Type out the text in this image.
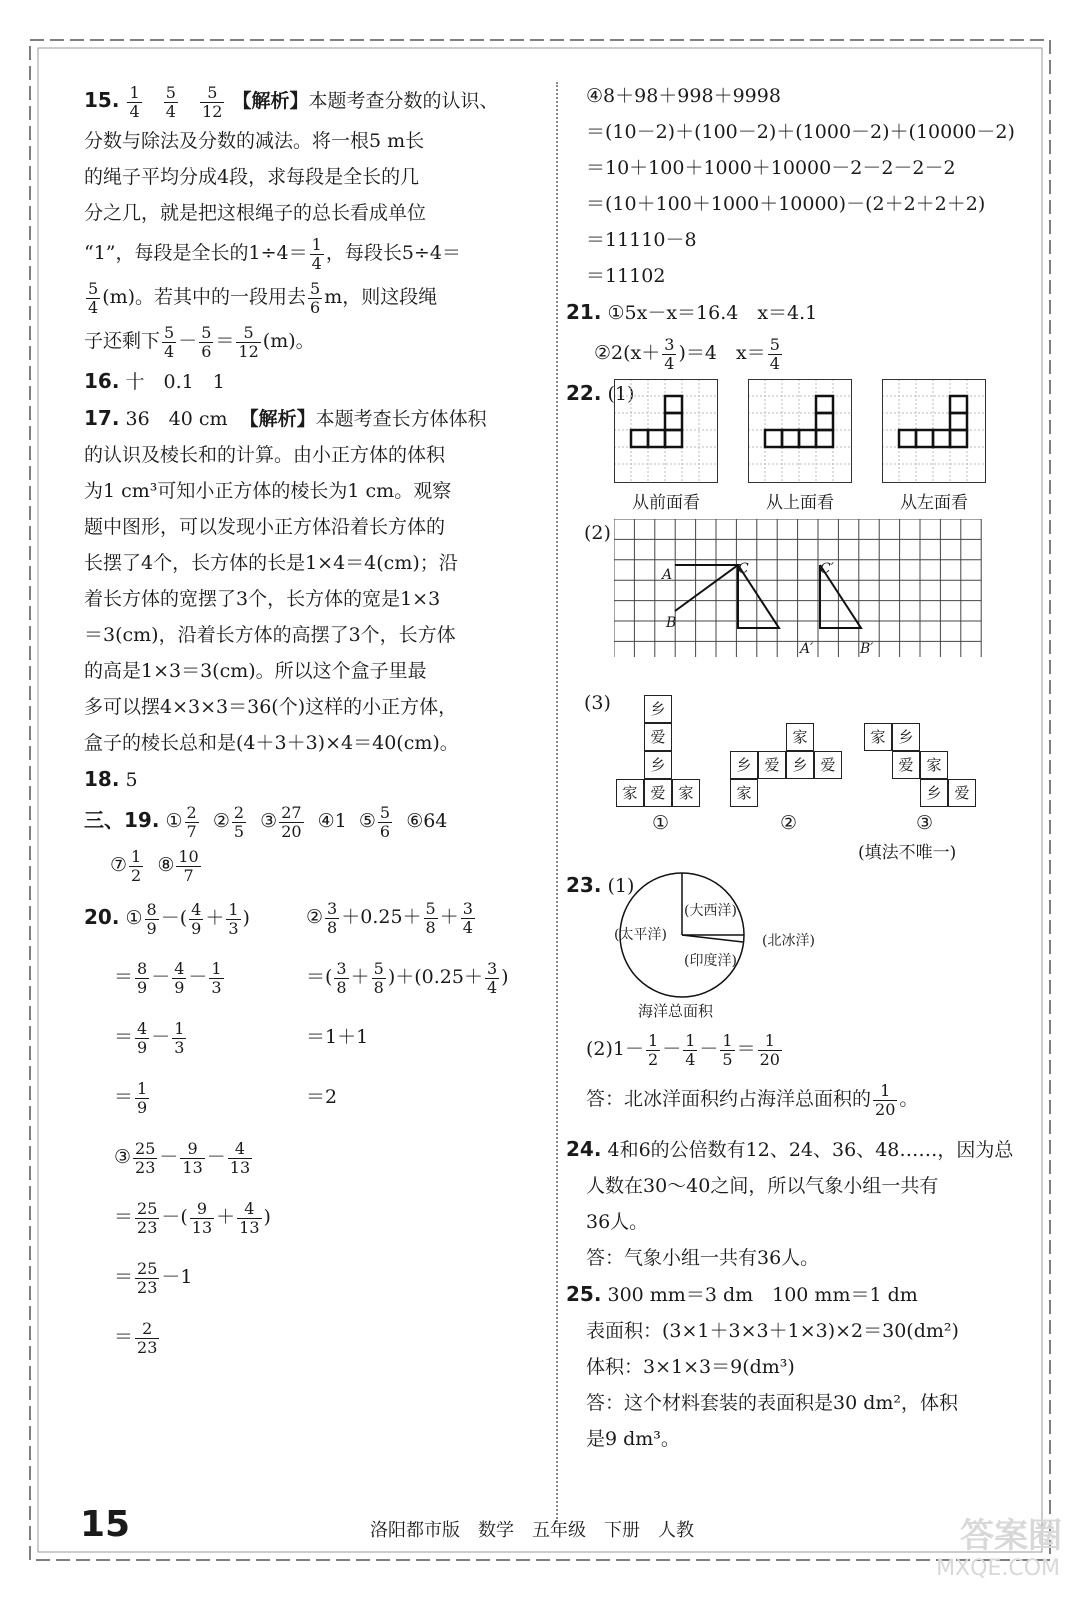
15. $\frac{1}{4}$
$\frac{5}{4}$
$\frac{5}{12}$ 【解析】本题考查分数的认识、
分数与除法及分数的减法。将一根5 m长
的绳子平均分成4段，求每段是全长的几
分之几，就是把这根绳子的总长看成单位
“1”，每段是全长的$1\div 4= \frac{1}{4}$ ，每段长5÷4＝
$\frac{5}{4} (m)$。若其中的一段用去 $\frac{5}{6}$ m，则这段绳
子还剩下 $\frac{5}{4} - \frac{5}{6} = \frac{5}{12} (m)$。
16. 十　0.1　1
17. 36　40 cm 【解析】本题考查长方体体积
的认识及棱长和的计算。由小正方体的体积
为1 cm³可知小正方体的棱长为1 cm。观察
题中图形，可以发现小正方体沿着长方体的
长摆了4个，长方体的长是1×4＝4(cm)；沿
着长方体的宽摆了3个，长方体的宽是1×3
＝3(cm)，沿着长方体的高摆了3个，长方体
的高是1×3＝3(cm)。所以这个盒子里最
多可以摆4×3×3＝36(个)这样的小正方体，
盒子的棱长总和是(4＋3＋3)×4＝40(cm)。
18. 5
三、19. ① $\frac{2}{7}$ ② $\frac{2}{5}$ ③ $\frac{27}{20}$ ④1 ⑤ $\frac{5}{6}$ ⑥64
⑦ $\frac{1}{2}$ ⑧ $\frac{10}{7}$
20. ① $\frac{8}{9}$ －( $\frac{4}{9} + \frac{1}{3}$ )	② $\frac{3}{8} +0.25+ \frac{5}{8} + \frac{3}{4}$
＝ $\frac{8}{9} - \frac{4}{9} - \frac{1}{3}$	＝( $\frac{3}{8} + \frac{5}{8} )+(0.25+ \frac{3}{4}$ )
＝ $\frac{4}{9} - \frac{1}{3}$	＝1＋1
＝ $\frac{1}{9}$	＝2
③ $\frac{25}{23} - \frac{9}{13} - \frac{4}{13}$
＝ $\frac{25}{23}$ －( $\frac{9}{13} + \frac{4}{13}$ )
＝ $\frac{25}{23} -1$
＝ $\frac{2}{23}$
④8＋98＋998＋9998
＝(10－2)＋(100－2)＋(1000－2)＋(10000－2)
＝10＋100＋1000＋10000－2－2－2－2
＝(10＋100＋1000＋10000)－(2＋2＋2＋2)
＝11110－8
＝11102
21. ①5x－x＝16.4　x＝4.1
②2(x＋ $\frac{3}{4} )=4$　$x= \frac{5}{4}$
22. (1)
从前面看	从上面看	从左面看
(2)
A
B
C	C′
A′	B′
(3)	乡
爱
乡
家 爱 家
家
乡 爱 乡 爱
家
家 乡
爱 家
乡 爱
①	②	③
(填法不唯一)
23. (1)
(太平洋)
(大西洋)
(印度洋)
(北冰洋)
海洋总面积
$(2)1- \frac{1}{2} - \frac{1}{4} - \frac{1}{5} = \frac{1}{20}$
答：北冰洋面积约占海洋总面积的 $\frac{1}{20}$ 。
24. 4和6的公倍数有12、24、36、48……，因为总
人数在30～40之间，所以气象小组一共有
36人。
答：气象小组一共有36人。
25. 300 mm＝3 dm　100 mm＝1 dm
表面积：(3×1＋3×3＋1×3)×2＝30(dm²)
体积：3×1×3＝9(dm³)
答：这个材料套装的表面积是30 dm²，体积
是9 dm³。
15	洛阳都市版　数学　五年级　下册　人教	答案圈
MXQE.COM
